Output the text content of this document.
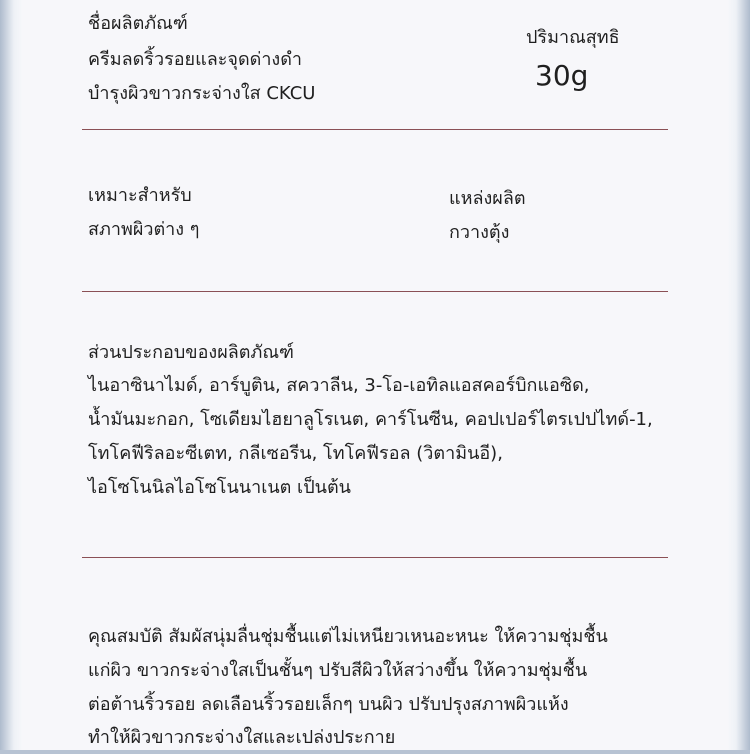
ชื่อผลิตภัณฑ์
ครีมลดริ้วรอยและจุดด่างดำ
บำรุงผิวขาวกระจ่างใส CKCU
ปริมาณสุทธิ
30g
เหมาะสำหรับ
สภาพผิวต่าง ๆ
แหล่งผลิต
กวางตุ้ง
ส่วนประกอบของผลิตภัณฑ์
ไนอาซินาไมด์, อาร์บูติน, สควาลีน, 3-โอ-เอทิลแอสคอร์บิกแอซิด,
น้ำมันมะกอก, โซเดียมไฮยาลูโรเนต, คาร์โนซีน, คอปเปอร์ไตรเปปไทด์-1,
โทโคฟีริลอะซีเตท, กลีเซอรีน, โทโคฟีรอล (วิตามินอี),
ไอโซโนนิลไอโซโนนาเนต เป็นต้น
คุณสมบัติ สัมผัสนุ่มลื่นชุ่มชื้นแต่ไม่เหนียวเหนอะหนะ ให้ความชุ่มชื้น
แก่ผิว ขาวกระจ่างใสเป็นชั้นๆ ปรับสีผิวให้สว่างขึ้น ให้ความชุ่มชื้น
ต่อต้านริ้วรอย ลดเลือนริ้วรอยเล็กๆ บนผิว ปรับปรุงสภาพผิวแห้ง
ทำให้ผิวขาวกระจ่างใสและเปล่งประกาย
